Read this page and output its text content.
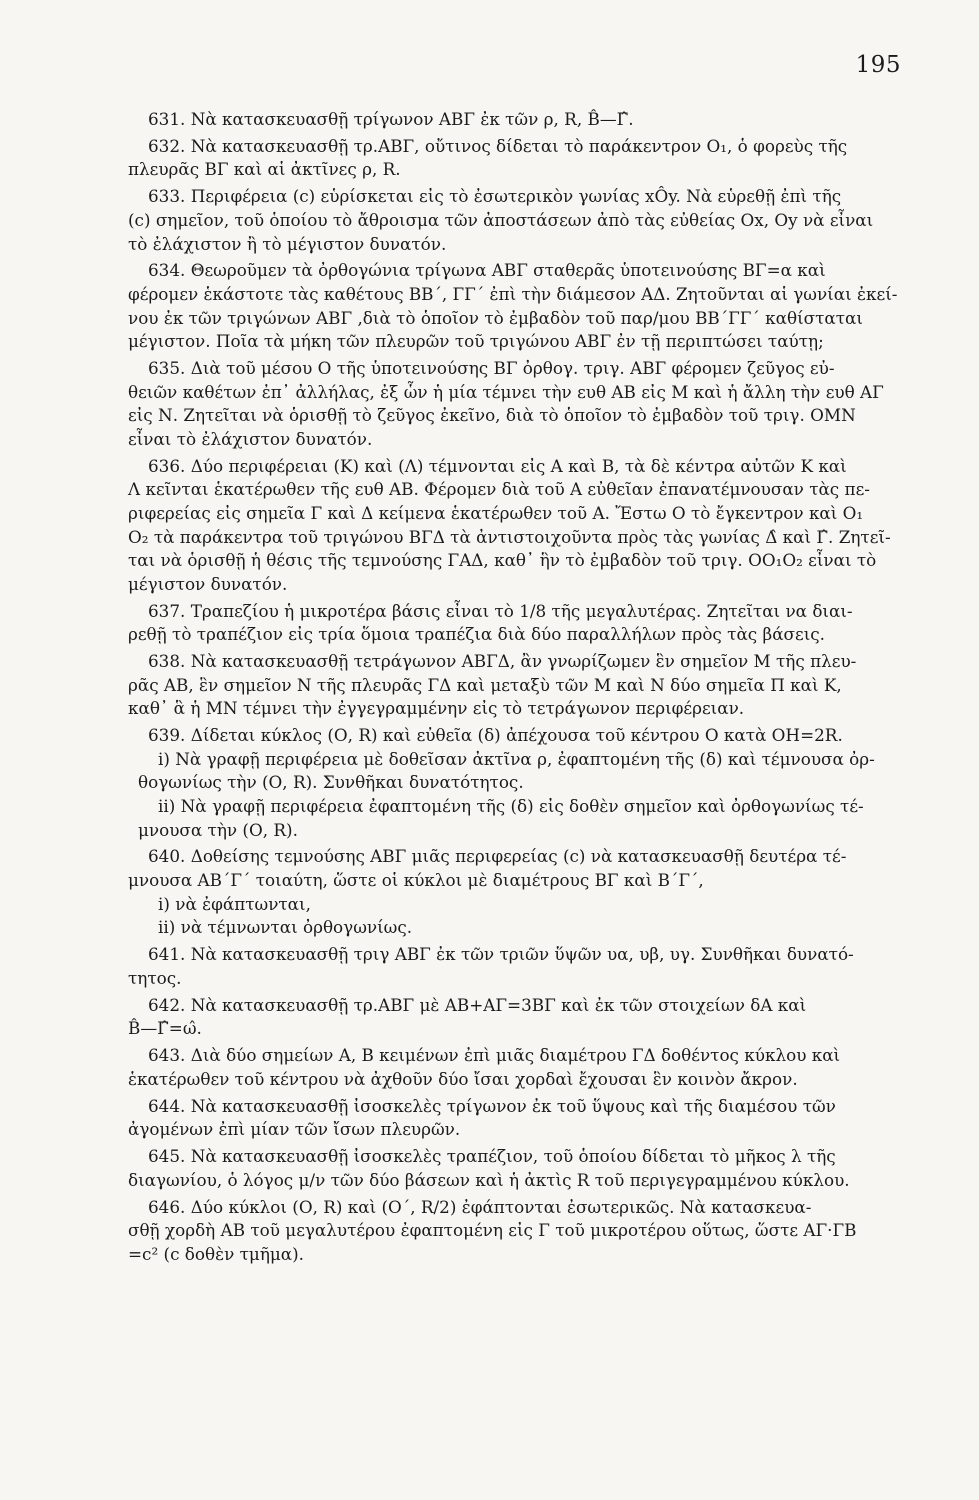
195
631. Νὰ κατασκευασθῇ τρίγωνον ΑΒΓ ἐκ τῶν ρ, R, B̂—Γ̂.
632. Νὰ κατασκευασθῇ τρ.ΑΒΓ, οὔτινος δίδεται τὸ παράκεντρον Ο₁, ὁ φορεὺς τῆς
πλευρᾶς ΒΓ καὶ αἱ ἀκτῖνες ρ, R.
633. Περιφέρεια (c) εὑρίσκεται εἰς τὸ ἐσωτερικὸν γωνίας xÔy. Νὰ εὑρεθῇ ἐπὶ τῆς
(c) σημεῖον, τοῦ ὁποίου τὸ ἄθροισμα τῶν ἀποστάσεων ἀπὸ τὰς εὐθείας Ox, Oy νὰ εἶναι
τὸ ἐλάχιστον ἢ τὸ μέγιστον δυνατόν.
634. Θεωροῦμεν τὰ ὀρθογώνια τρίγωνα ΑΒΓ σταθερᾶς ὑποτεινούσης ΒΓ=α καὶ
φέρομεν ἑκάστοτε τὰς καθέτους ΒΒ΄, ΓΓ΄ ἐπὶ τὴν διάμεσον ΑΔ. Ζητοῦνται αἱ γωνίαι ἐκεί-
νου ἐκ τῶν τριγώνων ΑΒΓ ,διὰ τὸ ὁποῖον τὸ ἐμβαδὸν τοῦ παρ/μου ΒΒ΄ΓΓ΄ καθίσταται
μέγιστον. Ποῖα τὰ μήκη τῶν πλευρῶν τοῦ τριγώνου ΑΒΓ ἐν τῇ περιπτώσει ταύτῃ;
635. Διὰ τοῦ μέσου Ο τῆς ὑποτεινούσης ΒΓ ὀρθογ. τριγ. ΑΒΓ φέρομεν ζεῦγος εὐ-
θειῶν καθέτων ἐπ᾿ ἀλλήλας, ἐξ ὧν ἡ μία τέμνει τὴν ευθ ΑΒ εἰς Μ καὶ ἡ ἄλλη τὴν ευθ ΑΓ
εἰς Ν. Ζητεῖται νὰ ὁρισθῇ τὸ ζεῦγος ἐκεῖνο, διὰ τὸ ὁποῖον τὸ ἐμβαδὸν τοῦ τριγ. ΟΜΝ
εἶναι τὸ ἐλάχιστον δυνατόν.
636. Δύο περιφέρειαι (Κ) καὶ (Λ) τέμνονται εἰς Α καὶ Β, τὰ δὲ κέντρα αὐτῶν Κ καὶ
Λ κεῖνται ἑκατέρωθεν τῆς ευθ ΑΒ. Φέρομεν διὰ τοῦ Α εὐθεῖαν ἐπανατέμνουσαν τὰς πε-
ριφερείας εἰς σημεῖα Γ καὶ Δ κείμενα ἑκατέρωθεν τοῦ Α. Ἔστω Ο τὸ ἔγκεντρον καὶ Ο₁
Ο₂ τὰ παράκεντρα τοῦ τριγώνου ΒΓΔ τὰ ἀντιστοιχοῦντα πρὸς τὰς γωνίας Δ̂ καὶ Γ̂. Ζητεῖ-
ται νὰ ὁρισθῇ ἡ θέσις τῆς τεμνούσης ΓΑΔ, καθ᾿ ἣν τὸ ἐμβαδὸν τοῦ τριγ. ΟΟ₁Ο₂ εἶναι τὸ
μέγιστον δυνατόν.
637. Τραπεζίου ἡ μικροτέρα βάσις εἶναι τὸ 1/8 τῆς μεγαλυτέρας. Ζητεῖται να διαι-
ρεθῇ τὸ τραπέζιον εἰς τρία ὅμοια τραπέζια διὰ δύο παραλλήλων πρὸς τὰς βάσεις.
638. Νὰ κατασκευασθῇ τετράγωνον ΑΒΓΔ, ἂν γνωρίζωμεν ἓν σημεῖον Μ τῆς πλευ-
ρᾶς ΑΒ, ἓν σημεῖον Ν τῆς πλευρᾶς ΓΔ καὶ μεταξὺ τῶν Μ καὶ Ν δύο σημεῖα Π καὶ Κ,
καθ᾿ ἃ ἡ ΜΝ τέμνει τὴν ἐγγεγραμμένην εἰς τὸ τετράγωνον περιφέρειαν.
639. Δίδεται κύκλος (Ο, R) καὶ εὐθεῖα (δ) ἀπέχουσα τοῦ κέντρου Ο κατὰ ΟΗ=2R.
i) Νὰ γραφῇ περιφέρεια μὲ δοθεῖσαν ἀκτῖνα ρ, ἐφαπτομένη τῆς (δ) καὶ τέμνουσα ὀρ-
θογωνίως τὴν (Ο, R). Συνθῆκαι δυνατότητος.
ii) Νὰ γραφῇ περιφέρεια ἐφαπτομένη τῆς (δ) εἰς δοθὲν σημεῖον καὶ ὀρθογωνίως τέ-
μνουσα τὴν (Ο, R).
640. Δοθείσης τεμνούσης ΑΒΓ μιᾶς περιφερείας (c) νὰ κατασκευασθῇ δευτέρα τέ-
μνουσα ΑΒ΄Γ΄ τοιαύτη, ὥστε οἱ κύκλοι μὲ διαμέτρους ΒΓ καὶ Β΄Γ΄,
i) νὰ ἐφάπτωνται,
ii) νὰ τέμνωνται ὀρθογωνίως.
641. Νὰ κατασκευασθῇ τριγ ΑΒΓ ἐκ τῶν τριῶν ὕψῶν υα, υβ, υγ. Συνθῆκαι δυνατό-
τητος.
642. Νὰ κατασκευασθῇ τρ.ΑΒΓ μὲ ΑΒ+ΑΓ=3ΒΓ καὶ ἐκ τῶν στοιχείων δΑ καὶ
B̂—Γ̂=ω̂.
643. Διὰ δύο σημείων Α, Β κειμένων ἐπὶ μιᾶς διαμέτρου ΓΔ δοθέντος κύκλου καὶ
ἑκατέρωθεν τοῦ κέντρου νὰ ἀχθοῦν δύο ἴσαι χορδαὶ ἔχουσαι ἓν κοινὸν ἄκρον.
644. Νὰ κατασκευασθῇ ἰσοσκελὲς τρίγωνον ἐκ τοῦ ὕψους καὶ τῆς διαμέσου τῶν
ἀγομένων ἐπὶ μίαν τῶν ἴσων πλευρῶν.
645. Νὰ κατασκευασθῇ ἰσοσκελὲς τραπέζιον, τοῦ ὁποίου δίδεται τὸ μῆκος λ τῆς
διαγωνίου, ὁ λόγος μ/ν τῶν δύο βάσεων καὶ ἡ ἀκτὶς R τοῦ περιγεγραμμένου κύκλου.
646. Δύο κύκλοι (Ο, R) καὶ (Ο΄, R/2) ἐφάπτονται ἐσωτερικῶς. Νὰ κατασκευα-
σθῇ χορδὴ ΑΒ τοῦ μεγαλυτέρου ἐφαπτομένη εἰς Γ τοῦ μικροτέρου οὕτως, ὥστε ΑΓ·ΓΒ
=c² (c δοθὲν τμῆμα).
